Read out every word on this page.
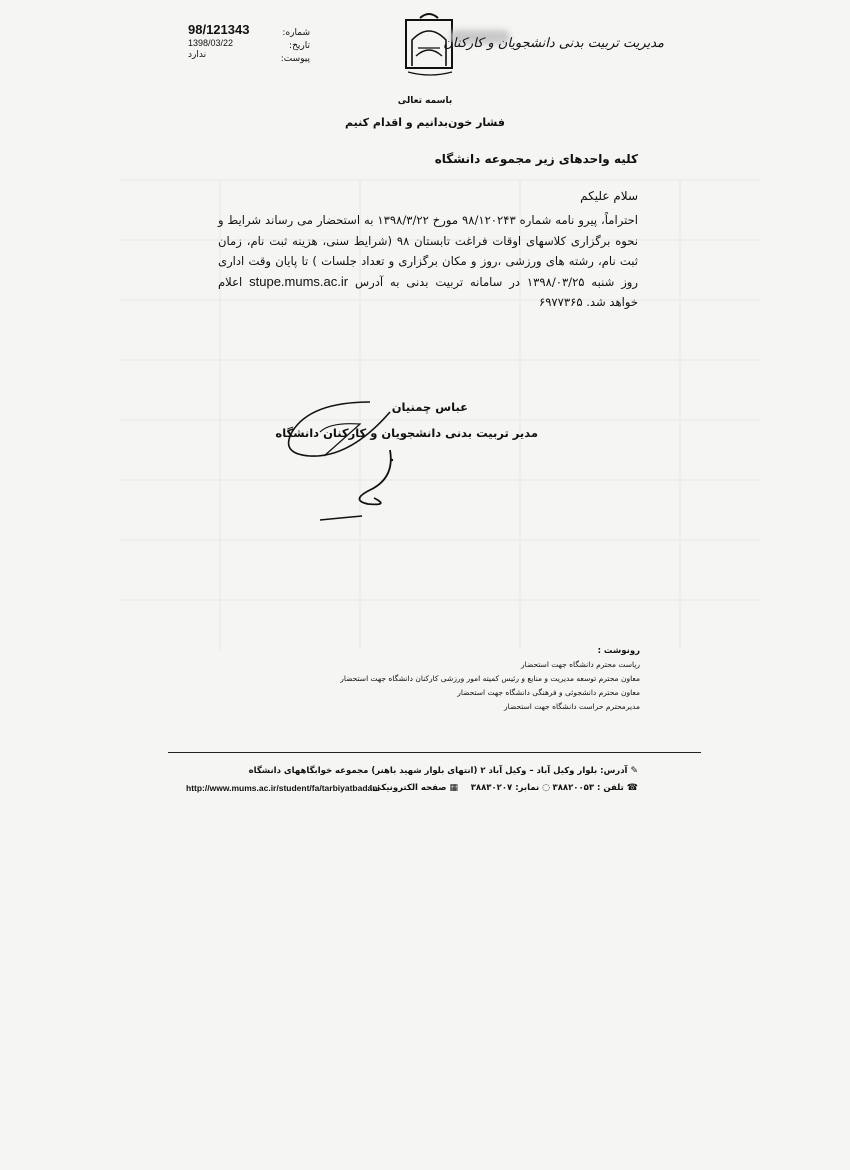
98/121343
1398/03/22
ندارد
شماره:
تاریخ:
پیوست:
مدیریت تربیت بدنی دانشجویان و کارکنان
باسمه تعالی
فشار خون‌بدانیم و اقدام کنیم
کلیه واحدهای زیر مجموعه دانشگاه
سلام علیکم
احتراماً، پیرو نامه شماره ۹۸/۱۲۰۲۴۳ مورخ ۱۳۹۸/۳/۲۲ به استحضار می رساند شرایط و نحوه برگزاری کلاسهای اوقات فراغت تابستان ۹۸ (شرایط سنی، هزینه ثبت نام، زمان ثبت نام، رشته های ورزشی ،روز و مکان برگزاری و تعداد جلسات ) تا پایان وقت اداری روز شنبه ۱۳۹۸/۰۳/۲۵ در سامانه تربیت بدنی به آدرس stupe.mums.ac.ir اعلام خواهد شد. ۶۹۷۷۳۶۵
عباس چمنیان
مدیر تربیت بدنی دانشجویان و کارکنان دانشگاه
رونوشت :
ریاست محترم دانشگاه جهت استحضار
معاون محترم توسعه مدیریت و منابع و رئیس کمیته امور ورزشی کارکنان دانشگاه جهت استحضار
معاون محترم دانشجوئی و فرهنگی دانشگاه جهت استحضار
مدیرمحترم حراست دانشگاه جهت استحضار
✎ آدرس: بلوار وکیل آباد – وکیل آباد ۲ (انتهای بلوار شهید باهنر) مجموعه خوابگاههای دانشگاه
☎ تلفن : ۳۸۸۲۰۰۵۳
◌ نمابر: ۳۸۸۳۰۲۰۷
▦ صفحه الکترونیکی:
http://www.mums.ac.ir/student/fa/tarbiyatbadani
